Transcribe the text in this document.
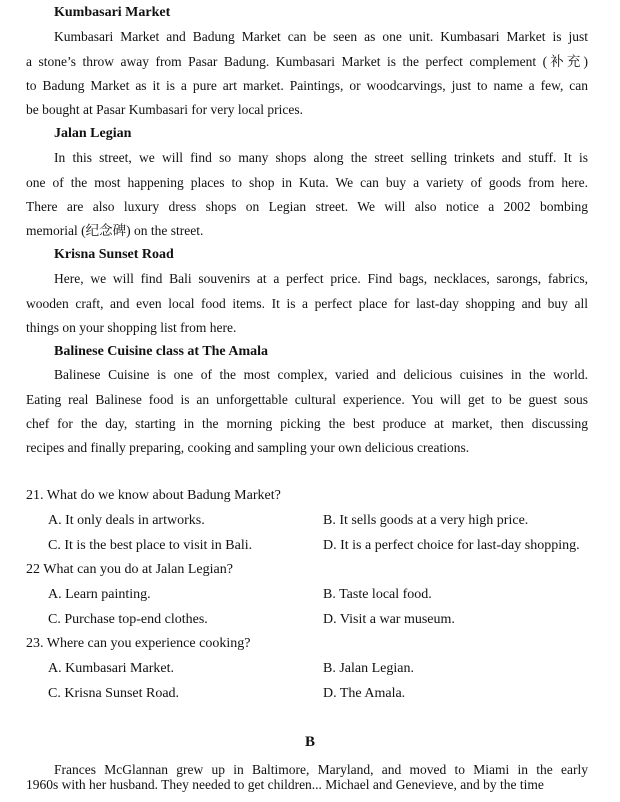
Kumbasari Market
Kumbasari Market and Badung Market can be seen as one unit. Kumbasari Market is just
a stone’s throw away from Pasar Badung. Kumbasari Market is the perfect complement (补充)
to Badung Market as it is a pure art market. Paintings, or woodcarvings, just to name a few, can
be bought at Pasar Kumbasari for very local prices.
Jalan Legian
In this street, we will find so many shops along the street selling trinkets and stuff. It is
one of the most happening places to shop in Kuta. We can buy a variety of goods from here.
There are also luxury dress shops on Legian street. We will also notice a 2002 bombing
memorial (纪念碑) on the street.
Krisna Sunset Road
Here, we will find Bali souvenirs at a perfect price. Find bags, necklaces, sarongs, fabrics,
wooden craft, and even local food items. It is a perfect place for last-day shopping and buy all
things on your shopping list from here.
Balinese Cuisine class at The Amala
Balinese Cuisine is one of the most complex, varied and delicious cuisines in the world.
Eating real Balinese food is an unforgettable cultural experience. You will get to be guest sous
chef for the day, starting in the morning picking the best produce at market, then discussing
recipes and finally preparing, cooking and sampling your own delicious creations.
21. What do we know about Badung Market?
A. It only deals in artworks.	B. It sells goods at a very high price.
C. It is the best place to visit in Bali.	D. It is a perfect choice for last-day shopping.
22 What can you do at Jalan Legian?
A. Learn painting.	B. Taste local food.
C. Purchase top-end clothes.	D. Visit a war museum.
23. Where can you experience cooking?
A. Kumbasari Market.	B. Jalan Legian.
C. Krisna Sunset Road.	D. The Amala.
B
Frances McGlannan grew up in Baltimore, Maryland, and moved to Miami in the early
1960s with her husband. They needed to get children... Michael and Genevieve, and by the time
